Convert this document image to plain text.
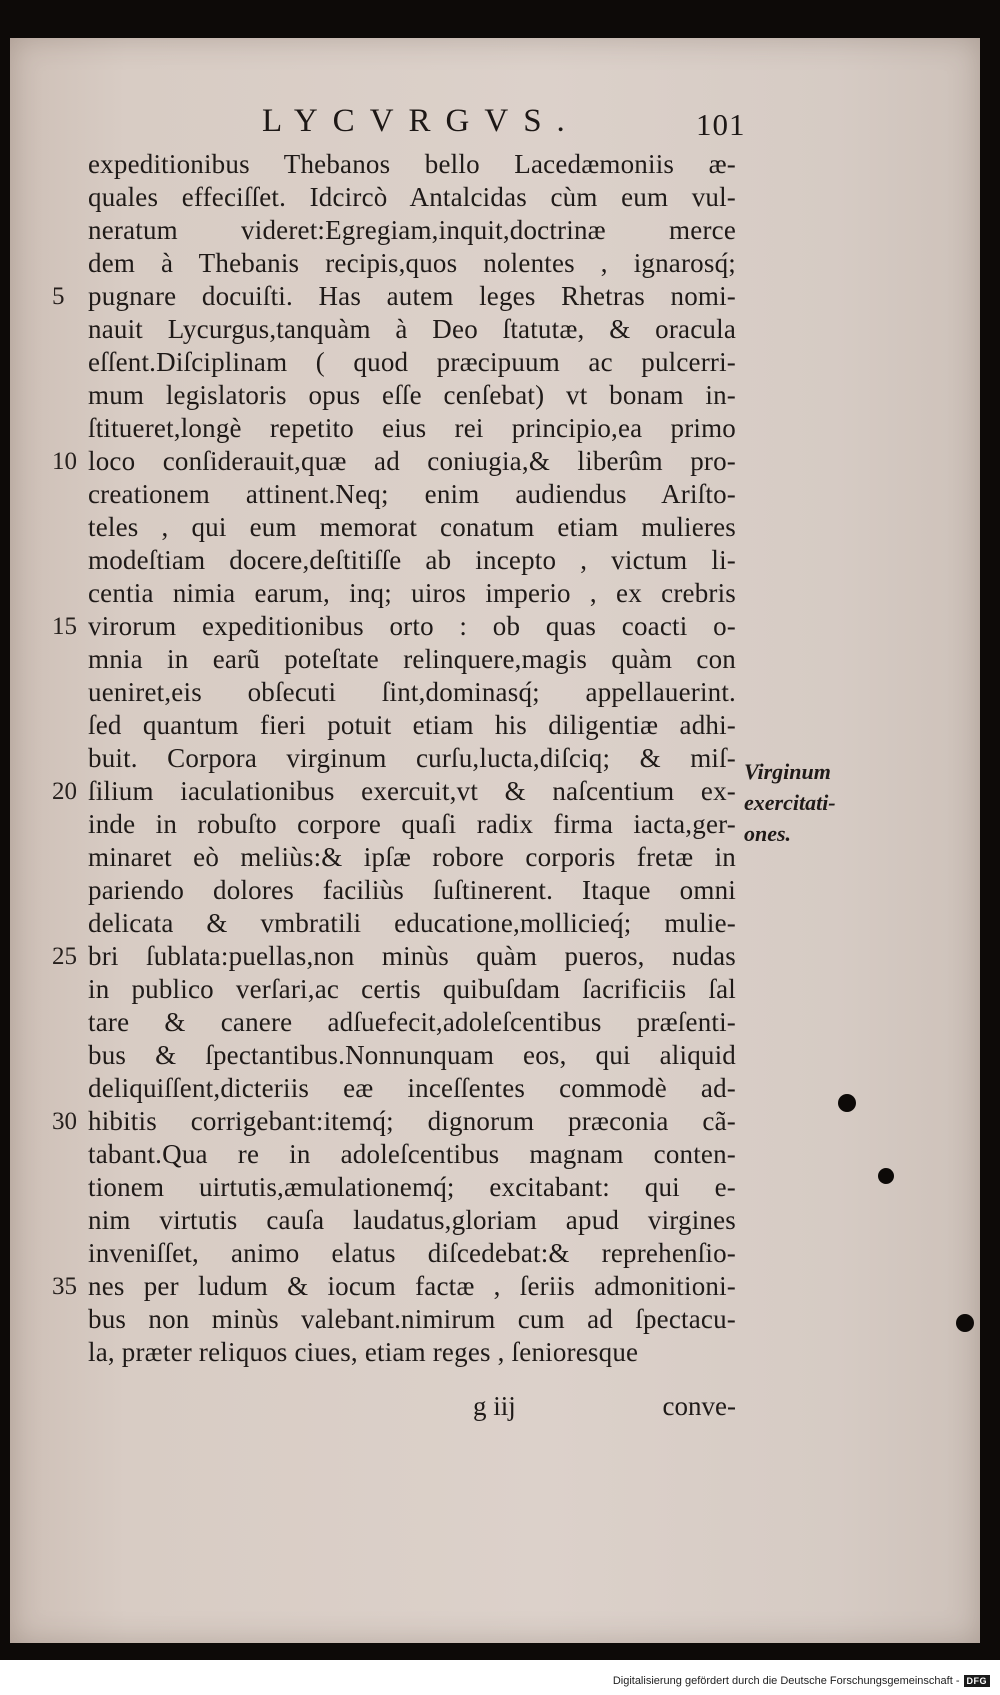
LYCVRGVS.	101
expeditionibus Thebanos bello Lacedæmoniis æ-
quales effeciſſet. Idcircò Antalcidas cùm eum vul-
neratum videret:Egregiam,inquit,doctrinæ merce
dem à Thebanis recipis,quos nolentes , ignarosq́;
pugnare docuiſti. Has autem leges Rhetras nomi-
5
nauit Lycurgus,tanquàm à Deo ſtatutæ, & oracula
eſſent.Diſciplinam ( quod præcipuum ac pulcerri-
mum legislatoris opus eſſe cenſebat) vt bonam in-
ſtitueret,longè repetito eius rei principio,ea primo
loco conſiderauit,quæ ad coniugia,& liberûm pro-
10
creationem attinent.Neq; enim audiendus Ariſto-
teles , qui eum memorat conatum etiam mulieres
modeſtiam docere,deſtitiſſe ab incepto , victum li-
centia nimia earum, inq; uiros imperio , ex crebris
virorum expeditionibus orto : ob quas coacti o-
15
mnia in earũ poteſtate relinquere,magis quàm con
ueniret,eis obſecuti ſint,dominasq́; appellauerint.
ſed quantum fieri potuit etiam his diligentiæ adhi-
buit. Corpora virginum curſu,lucta,diſciq; & miſ-
ſilium iaculationibus exercuit,vt & naſcentium ex-
20
inde in robuſto corpore quaſi radix firma iacta,ger-
minaret eò meliùs:& ipſæ robore corporis fretæ in
pariendo dolores faciliùs ſuſtinerent. Itaque omni
delicata & vmbratili educatione,mollicieq́; mulie-
bri ſublata:puellas,non minùs quàm pueros, nudas
25
in publico verſari,ac certis quibuſdam ſacrificiis ſal
tare & canere adſuefecit,adoleſcentibus præſenti-
bus & ſpectantibus.Nonnunquam eos, qui aliquid
deliquiſſent,dicteriis eæ inceſſentes commodè ad-
hibitis corrigebant:itemq́; dignorum præconia cã-
30
tabant.Qua re in adoleſcentibus magnam conten-
tionem uirtutis,æmulationemq́; excitabant: qui e-
nim virtutis cauſa laudatus,gloriam apud virgines
inveniſſet, animo elatus diſcedebat:& reprehenſio-
nes per ludum & iocum factæ , ſeriis admonitioni-
35
bus non minùs valebant.nimirum cum ad ſpectacu-
la, præter reliquos ciues, etiam reges , ſenioresque
Virginum
exercitati-
ones.
g iij	conve-
Digitalisierung gefördert durch die Deutsche Forschungsgemeinschaft - DFG
